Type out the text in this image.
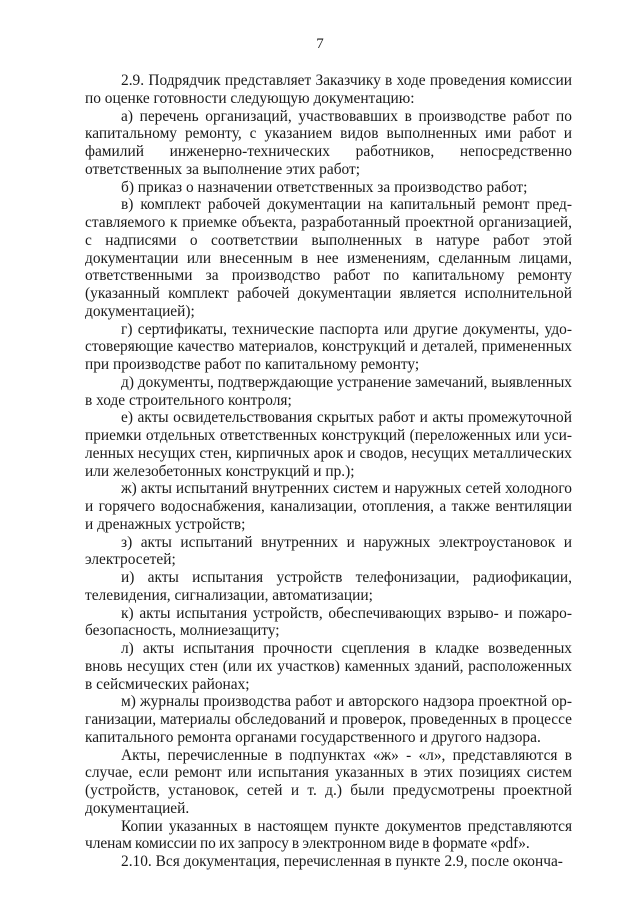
7

2.9. Подрядчик представляет Заказчику в ходе проведения комиссии по оценке готовности следующую документацию:

а) перечень организаций, участвовавших в производстве работ по капитальному ремонту, с указанием видов выполненных ими работ и фамилий инженерно-технических работников, непосредственно ответственных за выполнение этих работ;

б) приказ о назначении ответственных за производство работ;

в) комплект рабочей документации на капитальный ремонт представляемого к приемке объекта, разработанный проектной организацией, с надписями о соответствии выполненных в натуре работ этой документации или внесенным в нее изменениям, сделанным лицами, ответственными за производство работ по капитальному ремонту (указанный комплект рабочей документации является исполнительной документацией);

г) сертификаты, технические паспорта или другие документы, удостоверяющие качество материалов, конструкций и деталей, примененных при производстве работ по капитальному ремонту;

д) документы, подтверждающие устранение замечаний, выявленных в ходе строительного контроля;

е) акты освидетельствования скрытых работ и акты промежуточной приемки отдельных ответственных конструкций (переложенных или усиленных несущих стен, кирпичных арок и сводов, несущих металлических или железобетонных конструкций и пр.);

ж) акты испытаний внутренних систем и наружных сетей холодного и горячего водоснабжения, канализации, отопления, а также вентиляции и дренажных устройств;

з) акты испытаний внутренних и наружных электроустановок и электросетей;

и) акты испытания устройств телефонизации, радиофикации, телевидения, сигнализации, автоматизации;

к) акты испытания устройств, обеспечивающих взрыво- и пожаробезопасность, молниезащиту;

л) акты испытания прочности сцепления в кладке возведенных вновь несущих стен (или их участков) каменных зданий, расположенных в сейсмических районах;

м) журналы производства работ и авторского надзора проектной организации, материалы обследований и проверок, проведенных в процессе капитального ремонта органами государственного и другого надзора.

Акты, перечисленные в подпунктах «ж» - «л», представляются в случае, если ремонт или испытания указанных в этих позициях систем (устройств, установок, сетей и т. д.) были предусмотрены проектной документацией.

Копии указанных в настоящем пункте документов представляются членам комиссии по их запросу в электронном виде в формате «pdf».

2.10. Вся документация, перечисленная в пункте 2.9, после оконча-
